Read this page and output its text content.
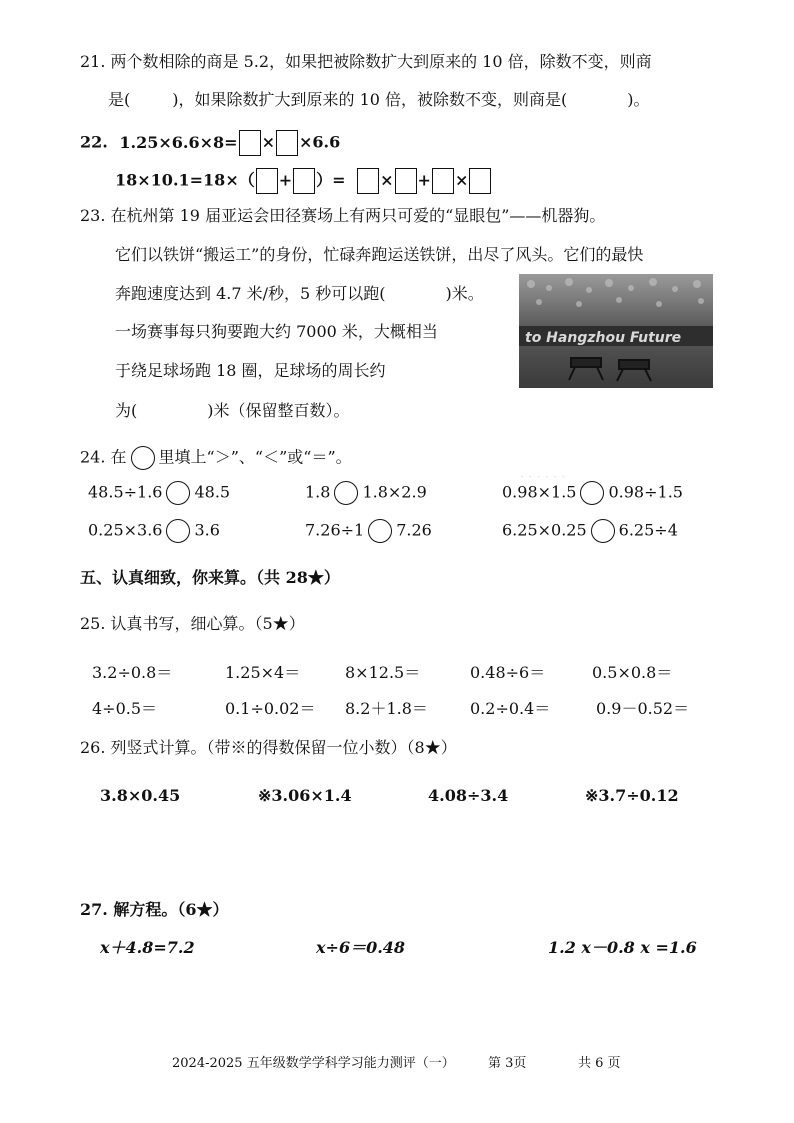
· · · · · ·
21. 两个数相除的商是 5.2，如果把被除数扩大到原来的 10 倍，除数不变，则商
是(	)，如果除数扩大到原来的 10 倍，被除数不变，则商是(	)。
22. 1.25×6.6×8= × ×6.6
18×10.1=18×（ + ）= × + ×
23. 在杭州第 19 届亚运会田径赛场上有两只可爱的“显眼包”——机器狗。
它们以铁饼“搬运工”的身份，忙碌奔跑运送铁饼，出尽了风头。它们的最快
奔跑速度达到 4.7 米/秒，5 秒可以跑(	)米。
一场赛事每只狗要跑大约 7000 米，大概相当
于绕足球场跑 18 圈，足球场的周长约
为(	)米（保留整百数）。
to Hangzhou Future
24. 在 里填上“＞”、“＜”或“＝”。
48.5÷1.6 48.5	1.8 1.8×2.9	0.98×1.5 0.98÷1.5
0.25×3.6 3.6	7.26÷1 7.26	6.25×0.25 6.25÷4
五、认真细致，你来算。（共 28★）
25. 认真书写，细心算。（5★）
3.2÷0.8＝	1.25×4＝	8×12.5＝	0.48÷6＝	0.5×0.8＝
4÷0.5＝	0.1÷0.02＝ 8.2＋1.8＝	0.2÷0.4＝	0.9－0.52＝
26. 列竖式计算。（带※的得数保留一位小数）（8★）
3.8×0.45	※3.06×1.4	4.08÷3.4	※3.7÷0.12
27. 解方程。（6★）
x＋4.8=7.2	x÷6＝0.48	1.2 x－0.8 x =1.6
2024-2025 五年级数学学科学习能力测评（一）	第 3页	共 6 页
